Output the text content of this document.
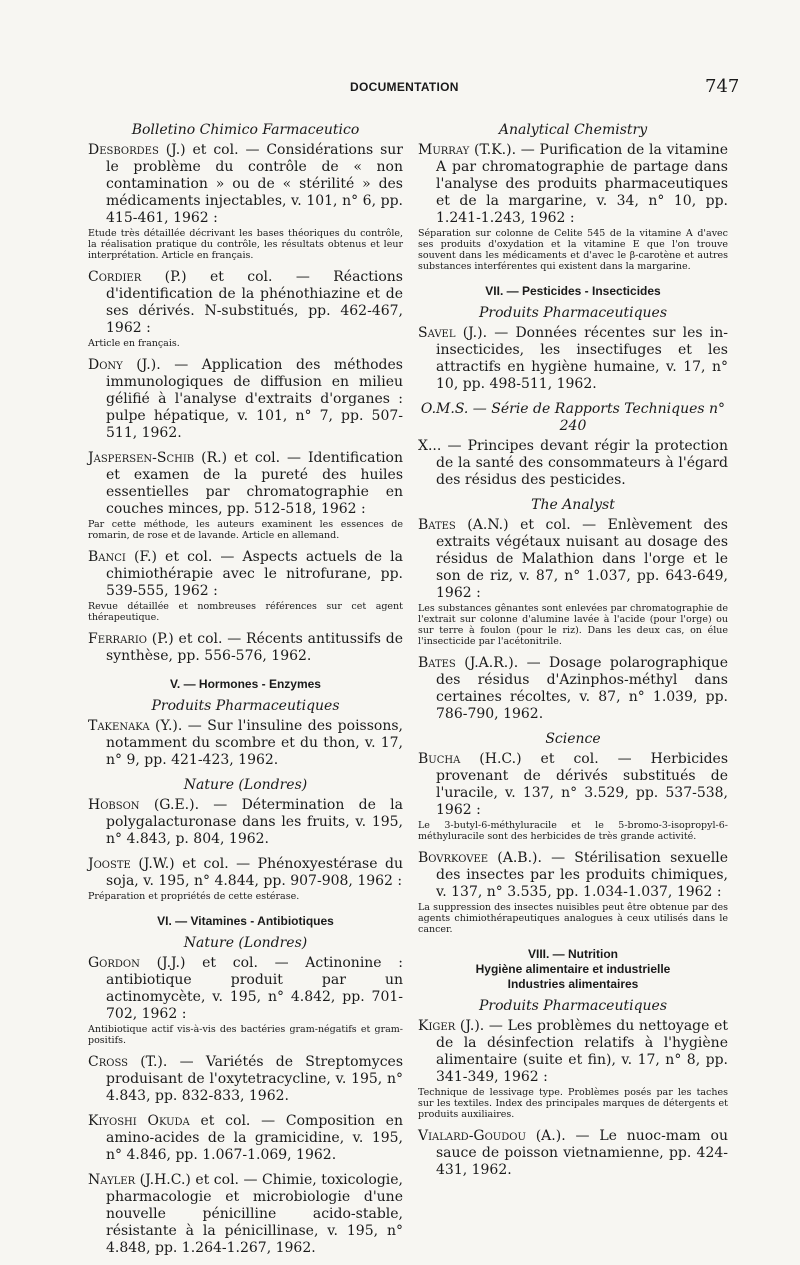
DOCUMENTATION	747
Bolletino Chimico Farmaceutico
Desbordes (J.) et col. — Considérations sur le problème du contrôle de « non contamination » ou de « stérilité » des médicaments injectables, v. 101, n° 6, pp. 415-461, 1962 :
Etude très détaillée décrivant les bases théoriques du contrôle, la réalisation pratique du contrôle, les résultats obtenus et leur interprétation. Article en français.
Cordier (P.) et col. — Réactions d'identification de la phénothiazine et de ses dérivés. N-substitués, pp. 462-467, 1962 :
Article en français.
Dony (J.). — Application des méthodes immunologiques de diffusion en milieu gélifié à l'analyse d'extraits d'organes : pulpe hépatique, v. 101, n° 7, pp. 507-511, 1962.
Jaspersen-Schib (R.) et col. — Identification et examen de la pureté des huiles essentielles par chromatographie en couches minces, pp. 512-518, 1962 :
Par cette méthode, les auteurs examinent les essences de romarin, de rose et de lavande. Article en allemand.
Banci (F.) et col. — Aspects actuels de la chimiothérapie avec le nitrofurane, pp. 539-555, 1962 :
Revue détaillée et nombreuses références sur cet agent thérapeutique.
Ferrario (P.) et col. — Récents antitussifs de synthèse, pp. 556-576, 1962.
V. — Hormones - Enzymes
Produits Pharmaceutiques
Takenaka (Y.). — Sur l'insuline des poissons, notamment du scombre et du thon, v. 17, n° 9, pp. 421-423, 1962.
Nature (Londres)
Hobson (G.E.). — Détermination de la polygalacturonase dans les fruits, v. 195, n° 4.843, p. 804, 1962.
Jooste (J.W.) et col. — Phénoxyestérase du soja, v. 195, n° 4.844, pp. 907-908, 1962 :
Préparation et propriétés de cette estérase.
VI. — Vitamines - Antibiotiques
Nature (Londres)
Gordon (J.J.) et col. — Actinonine : antibiotique produit par un actinomycète, v. 195, n° 4.842, pp. 701-702, 1962 :
Antibiotique actif vis-à-vis des bactéries gram-négatifs et gram-positifs.
Cross (T.). — Variétés de Streptomyces produisant de l'oxytetracycline, v. 195, n° 4.843, pp. 832-833, 1962.
Kiyoshi Okuda et col. — Composition en amino-acides de la gramicidine, v. 195, n° 4.846, pp. 1.067-1.069, 1962.
Nayler (J.H.C.) et col. — Chimie, toxicologie, pharmacologie et microbiologie d'une nouvelle pénicilline acido-stable, résistante à la pénicillinase, v. 195, n° 4.848, pp. 1.264-1.267, 1962.
Analytical Chemistry
Murray (T.K.). — Purification de la vitamine A par chromatographie de partage dans l'analyse des produits pharmaceutiques et de la margarine, v. 34, n° 10, pp. 1.241-1.243, 1962 :
Séparation sur colonne de Celite 545 de la vitamine A d'avec ses produits d'oxydation et la vitamine E que l'on trouve souvent dans les médicaments et d'avec le β-carotène et autres substances interférentes qui existent dans la margarine.
VII. — Pesticides - Insecticides
Produits Pharmaceutiques
Savel (J.). — Données récentes sur les in-insecticides, les insectifuges et les attractifs en hygiène humaine, v. 17, n° 10, pp. 498-511, 1962.
O.M.S. — Série de Rapports Techniques n° 240
X... — Principes devant régir la protection de la santé des consommateurs à l'égard des résidus des pesticides.
The Analyst
Bates (A.N.) et col. — Enlèvement des extraits végétaux nuisant au dosage des résidus de Malathion dans l'orge et le son de riz, v. 87, n° 1.037, pp. 643-649, 1962 :
Les substances gênantes sont enlevées par chromatographie de l'extrait sur colonne d'alumine lavée à l'acide (pour l'orge) ou sur terre à foulon (pour le riz). Dans les deux cas, on élue l'insecticide par l'acétonitrile.
Bates (J.A.R.). — Dosage polarographique des résidus d'Azinphos-méthyl dans certaines récoltes, v. 87, n° 1.039, pp. 786-790, 1962.
Science
Bucha (H.C.) et col. — Herbicides provenant de dérivés substitués de l'uracile, v. 137, n° 3.529, pp. 537-538, 1962 :
Le 3-butyl-6-méthyluracile et le 5-bromo-3-isopropyl-6-méthyluracile sont des herbicides de très grande activité.
Bovrkovee (A.B.). — Stérilisation sexuelle des insectes par les produits chimiques, v. 137, n° 3.535, pp. 1.034-1.037, 1962 :
La suppression des insectes nuisibles peut être obtenue par des agents chimiothérapeutiques analogues à ceux utilisés dans le cancer.
VIII. — Nutrition
Hygiène alimentaire et industrielle
Industries alimentaires
Produits Pharmaceutiques
Kiger (J.). — Les problèmes du nettoyage et de la désinfection relatifs à l'hygiène alimentaire (suite et fin), v. 17, n° 8, pp. 341-349, 1962 :
Technique de lessivage type. Problèmes posés par les taches sur les textiles. Index des principales marques de détergents et produits auxiliaires.
Vialard-Goudou (A.). — Le nuoc-mam ou sauce de poisson vietnamienne, pp. 424-431, 1962.
